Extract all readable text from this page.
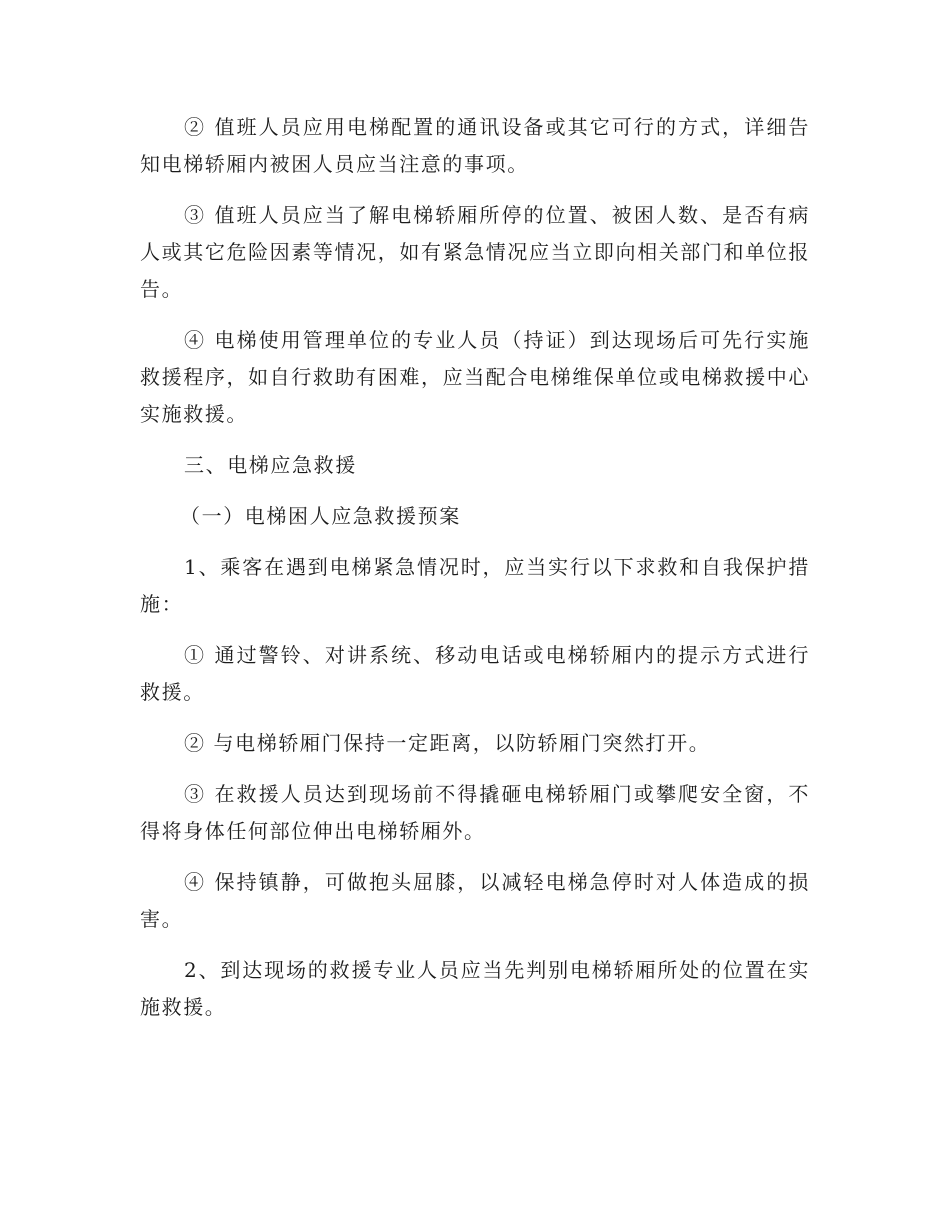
② 值班人员应用电梯配置的通讯设备或其它可行的方式，详细告知电梯轿厢内被困人员应当注意的事项。

③ 值班人员应当了解电梯轿厢所停的位置、被困人数、是否有病人或其它危险因素等情况，如有紧急情况应当立即向相关部门和单位报告。

④ 电梯使用管理单位的专业人员（持证）到达现场后可先行实施救援程序，如自行救助有困难，应当配合电梯维保单位或电梯救援中心实施救援。

三、电梯应急救援

（一）电梯困人应急救援预案

1、乘客在遇到电梯紧急情况时，应当实行以下求救和自我保护措施：

① 通过警铃、对讲系统、移动电话或电梯轿厢内的提示方式进行救援。

② 与电梯轿厢门保持一定距离，以防轿厢门突然打开。

③ 在救援人员达到现场前不得撬砸电梯轿厢门或攀爬安全窗，不得将身体任何部位伸出电梯轿厢外。

④ 保持镇静，可做抱头屈膝，以减轻电梯急停时对人体造成的损害。

2、到达现场的救援专业人员应当先判别电梯轿厢所处的位置在实施救援。
